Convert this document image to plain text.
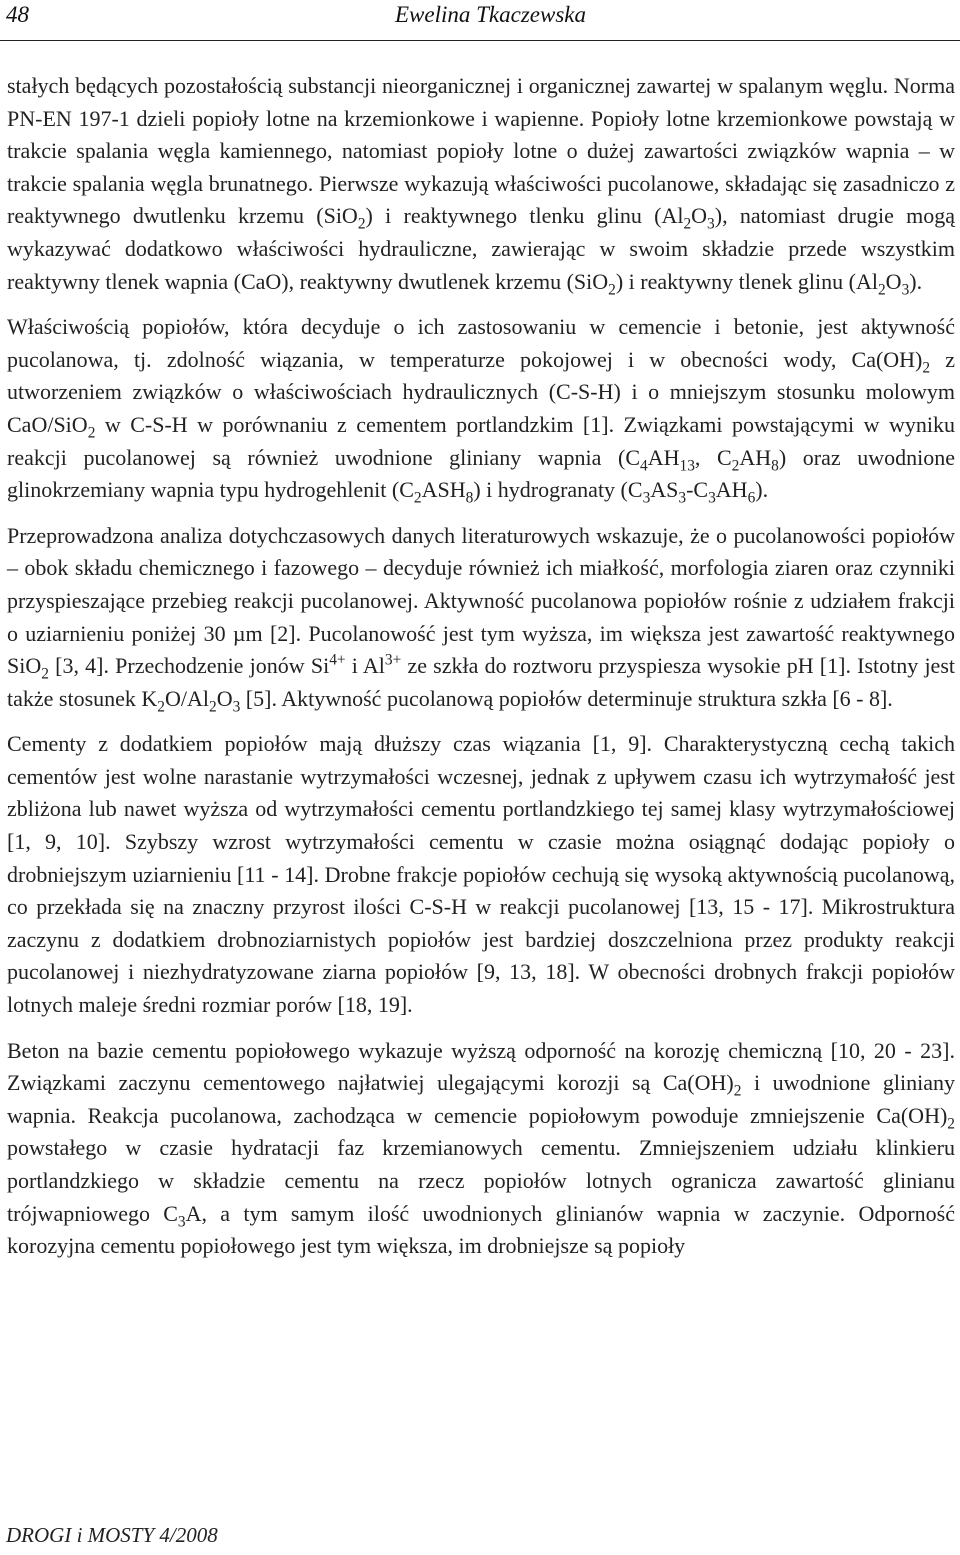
48	Ewelina Tkaczewska

stałych będących pozostałością substancji nieorganicznej i organicznej zawartej w spalanym węglu. Norma PN-EN 197-1 dzieli popioły lotne na krzemionkowe i wapienne. Popioły lotne krzemionkowe powstają w trakcie spalania węgla kamiennego, natomiast popioły lotne o dużej zawartości związków wapnia – w trakcie spalania węgla brunatnego. Pierwsze wykazują właściwości pucolanowe, składając się zasadniczo z reaktywnego dwutlenku krzemu (SiO$_2$) i reaktywnego tlenku glinu $(Al_2O_3)$, natomiast drugie mogą wykazywać dodatkowo właściwości hydrauliczne, zawierając w swoim składzie przede wszystkim reaktywny tlenek wapnia (CaO), reaktywny dwutlenek krzemu (SiO$_2$) i reaktywny tlenek glinu $(Al_2O_3)$.

Właściwością popiołów, która decyduje o ich zastosowaniu w cemencie i betonie, jest aktywność pucolanowa, tj. zdolność wiązania, w temperaturze pokojowej i w obecności wody, $Ca(OH)_2$ z utworzeniem związków o właściwościach hydraulicznych (C-S-H) i o mniejszym stosunku molowym CaO/SiO$_2$ w C-S-H w porównaniu z cementem portlandzkim [1]. Związkami powstającymi w wyniku reakcji pucolanowej są również uwodnione gliniany wapnia ($C_4AH_{13}$, $C_2AH_8$) oraz uwodnione glinokrzemiany wapnia typu hydrogehlenit $(C_2ASH_8)$ i hydrogranaty $(C_3AS_3-C_3AH_6)$.

Przeprowadzona analiza dotychczasowych danych literaturowych wskazuje, że o pucolanowości popiołów – obok składu chemicznego i fazowego – decyduje również ich miałkość, morfologia ziaren oraz czynniki przyspieszające przebieg reakcji pucolanowej. Aktywność pucolanowa popiołów rośnie z udziałem frakcji o uziarnieniu poniżej 30 µm [2]. Pucolanowość jest tym wyższa, im większa jest zawartość reaktywnego SiO$_2$ [3, 4]. Przechodzenie jonów $Si^{4+}$ i $Al^{3+}$ ze szkła do roztworu przyspiesza wysokie pH [1]. Istotny jest także stosunek $K_2O/Al_2O_3$ [5]. Aktywność pucolanową popiołów determinuje struktura szkła [6 - 8].

Cementy z dodatkiem popiołów mają dłuższy czas wiązania [1, 9]. Charakterystyczną cechą takich cementów jest wolne narastanie wytrzymałości wczesnej, jednak z upływem czasu ich wytrzymałość jest zbliżona lub nawet wyższa od wytrzymałości cementu portlandzkiego tej samej klasy wytrzymałościowej [1, 9, 10]. Szybszy wzrost wytrzymałości cementu w czasie można osiągnąć dodając popioły o drobniejszym uziarnieniu [11 - 14]. Drobne frakcje popiołów cechują się wysoką aktywnością pucolanową, co przekłada się na znaczny przyrost ilości C-S-H w reakcji pucolanowej [13, 15 - 17]. Mikrostruktura zaczynu z dodatkiem drobnoziarnistych popiołów jest bardziej doszczelniona przez produkty reakcji pucolanowej i niezhydratyzowane ziarna popiołów [9, 13, 18]. W obecności drobnych frakcji popiołów lotnych maleje średni rozmiar porów [18, 19].

Beton na bazie cementu popiołowego wykazuje wyższą odporność na korozję chemiczną [10, 20 - 23]. Związkami zaczynu cementowego najłatwiej ulegającymi korozji są $Ca(OH)_2$ i uwodnione gliniany wapnia. Reakcja pucolanowa, zachodząca w cemencie popiołowym powoduje zmniejszenie $Ca(OH)_2$ powstałego w czasie hydratacji faz krzemianowych cementu. Zmniejszeniem udziału klinkieru portlandzkiego w składzie cementu na rzecz popiołów lotnych ogranicza zawartość glinianu trójwapniowego $C_3A$, a tym samym ilość uwodnionych glinianów wapnia w zaczynie. Odporność korozyjna cementu popiołowego jest tym większa, im drobniejsze są popioły

DROGI i MOSTY 4/2008
